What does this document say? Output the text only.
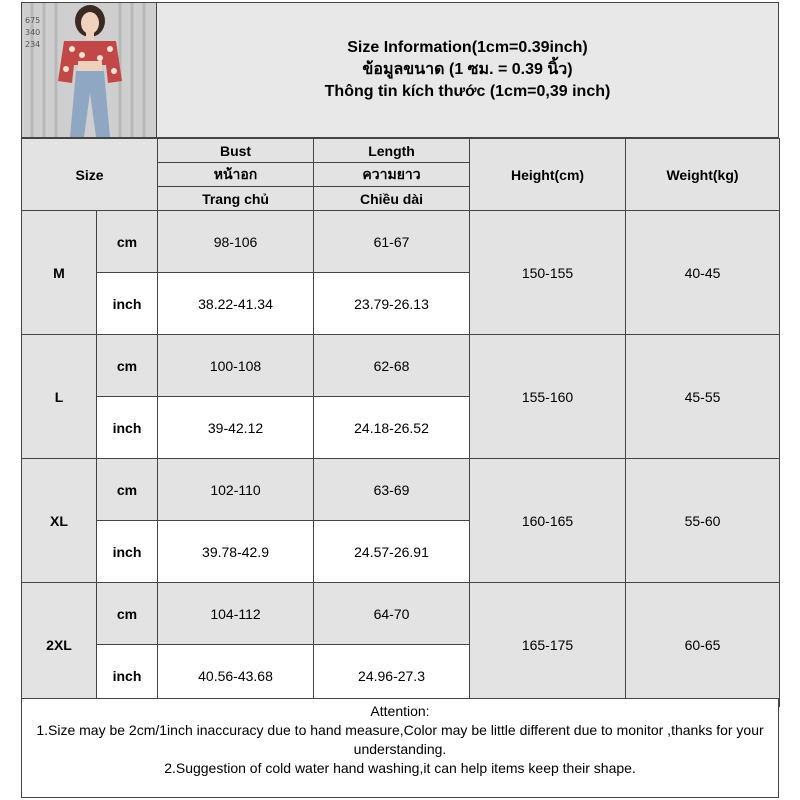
675
340
234	Size Information(1cm=0.39inch)
ข้อมูลขนาด (1 ซม. = 0.39 นิ้ว)
Thông tin kích thước (1cm=0,39 inch)
Size		Bust	Length	Height(cm)	Weight(kg)
		หน้าอก	ความยาว		
		Trang chủ	Chiều dài		
M	cm	98-106	61-67	150-155	40-45
	inch	38.22-41.34	23.79-26.13		
L	cm	100-108	62-68	155-160	45-55
	inch	39-42.12	24.18-26.52		
XL	cm	102-110	63-69	160-165	55-60
	inch	39.78-42.9	24.57-26.91		
2XL	cm	104-112	64-70	165-175	60-65
	inch	40.56-43.68	24.96-27.3		
Attention:
1.Size may be 2cm/1inch inaccuracy due to hand measure,Color may be little different due to monitor ,thanks for your
understanding.
2.Suggestion of cold water hand washing,it can help items keep their shape.
